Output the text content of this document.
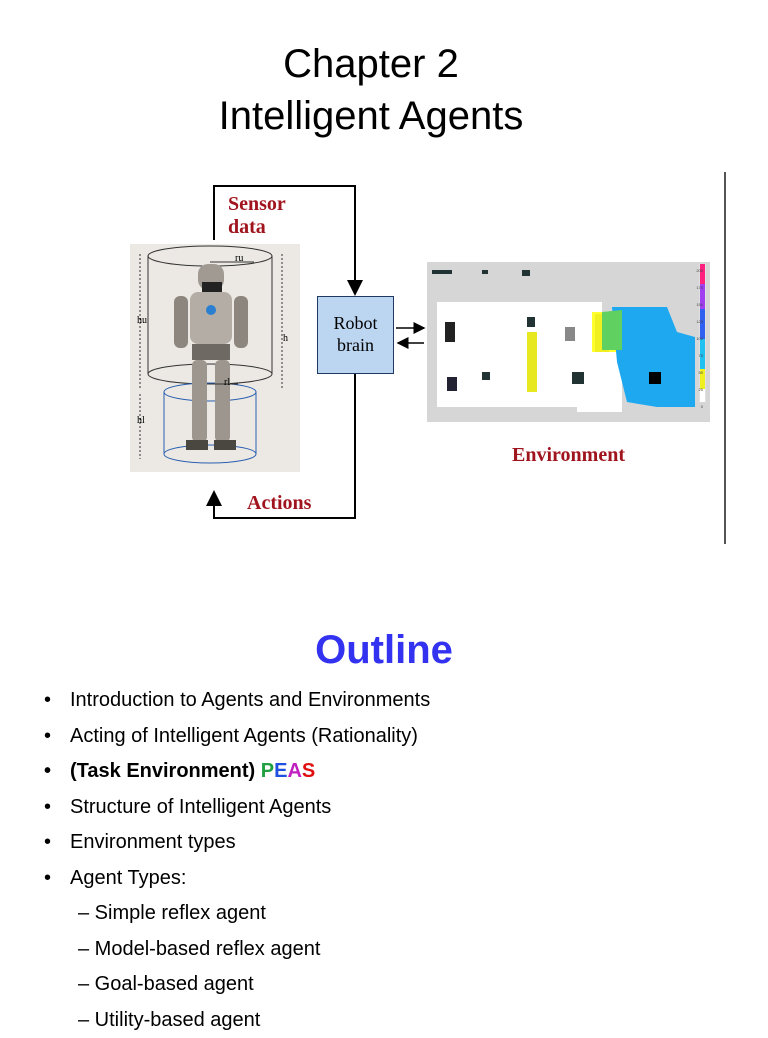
Chapter 2
Intelligent Agents
ru
hu
h
rl
hl
Sensor data
Actions
Robot
brain
200
175
150
125
100
75
50
25
0
Environment
Outline
• Introduction to Agents and Environments
• Acting of Intelligent Agents (Rationality)
• (Task Environment) PEAS
• Structure of Intelligent Agents
• Environment types
• Agent Types:
– Simple reflex agent
– Model-based reflex agent
– Goal-based agent
– Utility-based agent
